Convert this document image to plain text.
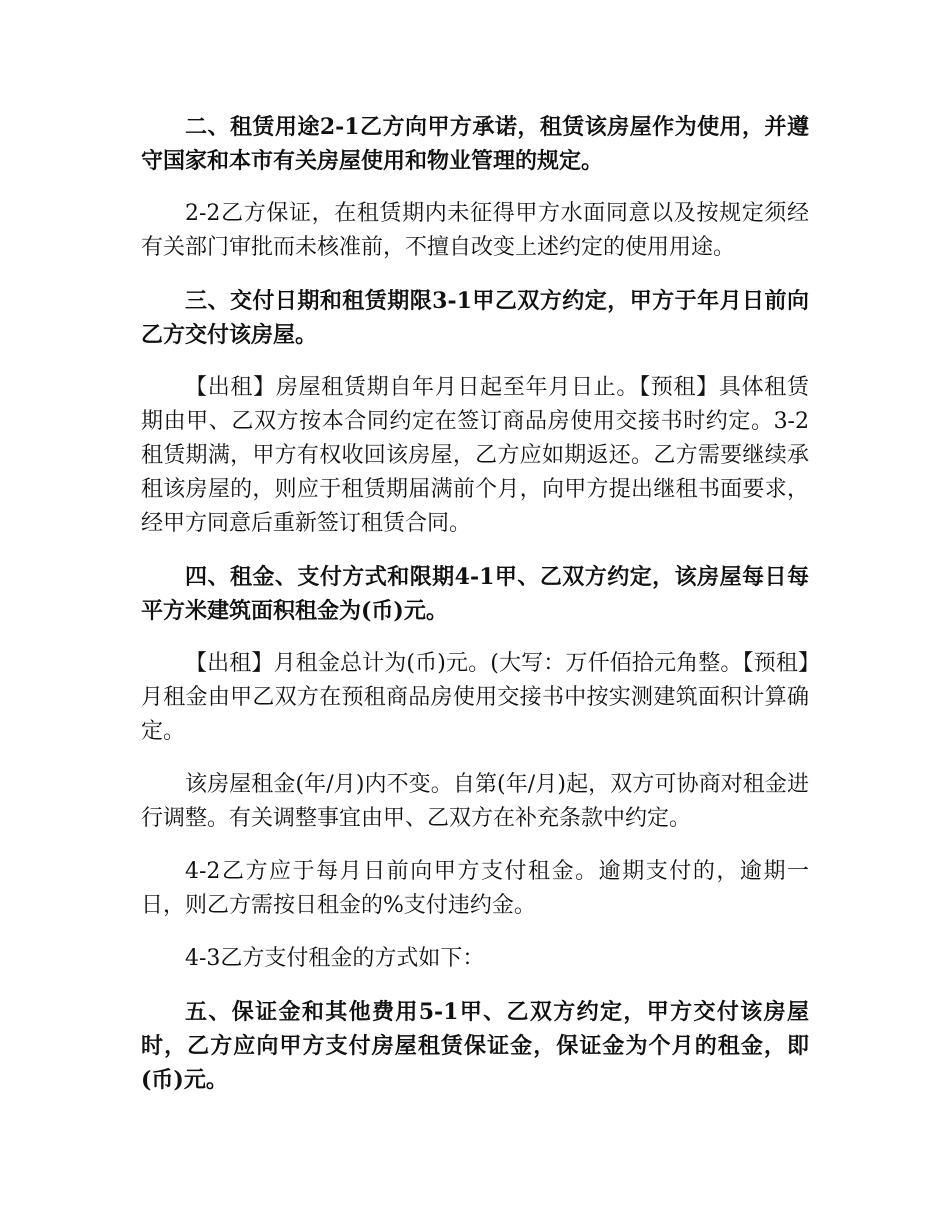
二、租赁用途2-1乙方向甲方承诺，租赁该房屋作为使用，并遵守国家和本市有关房屋使用和物业管理的规定。

2-2乙方保证，在租赁期内未征得甲方水面同意以及按规定须经有关部门审批而未核准前，不擅自改变上述约定的使用用途。

三、交付日期和租赁期限3-1甲乙双方约定，甲方于年月日前向乙方交付该房屋。

【出租】房屋租赁期自年月日起至年月日止。【预租】具体租赁期由甲、乙双方按本合同约定在签订商品房使用交接书时约定。3-2租赁期满，甲方有权收回该房屋，乙方应如期返还。乙方需要继续承租该房屋的，则应于租赁期届满前个月，向甲方提出继租书面要求，经甲方同意后重新签订租赁合同。

四、租金、支付方式和限期4-1甲、乙双方约定，该房屋每日每平方米建筑面积租金为(币)元。

【出租】月租金总计为(币)元。(大写：万仟佰拾元角整。【预租】月租金由甲乙双方在预租商品房使用交接书中按实测建筑面积计算确定。

该房屋租金(年/月)内不变。自第(年/月)起，双方可协商对租金进行调整。有关调整事宜由甲、乙双方在补充条款中约定。

4-2乙方应于每月日前向甲方支付租金。逾期支付的，逾期一日，则乙方需按日租金的%支付违约金。

4-3乙方支付租金的方式如下：

五、保证金和其他费用5-1甲、乙双方约定，甲方交付该房屋时，乙方应向甲方支付房屋租赁保证金，保证金为个月的租金，即(币)元。
